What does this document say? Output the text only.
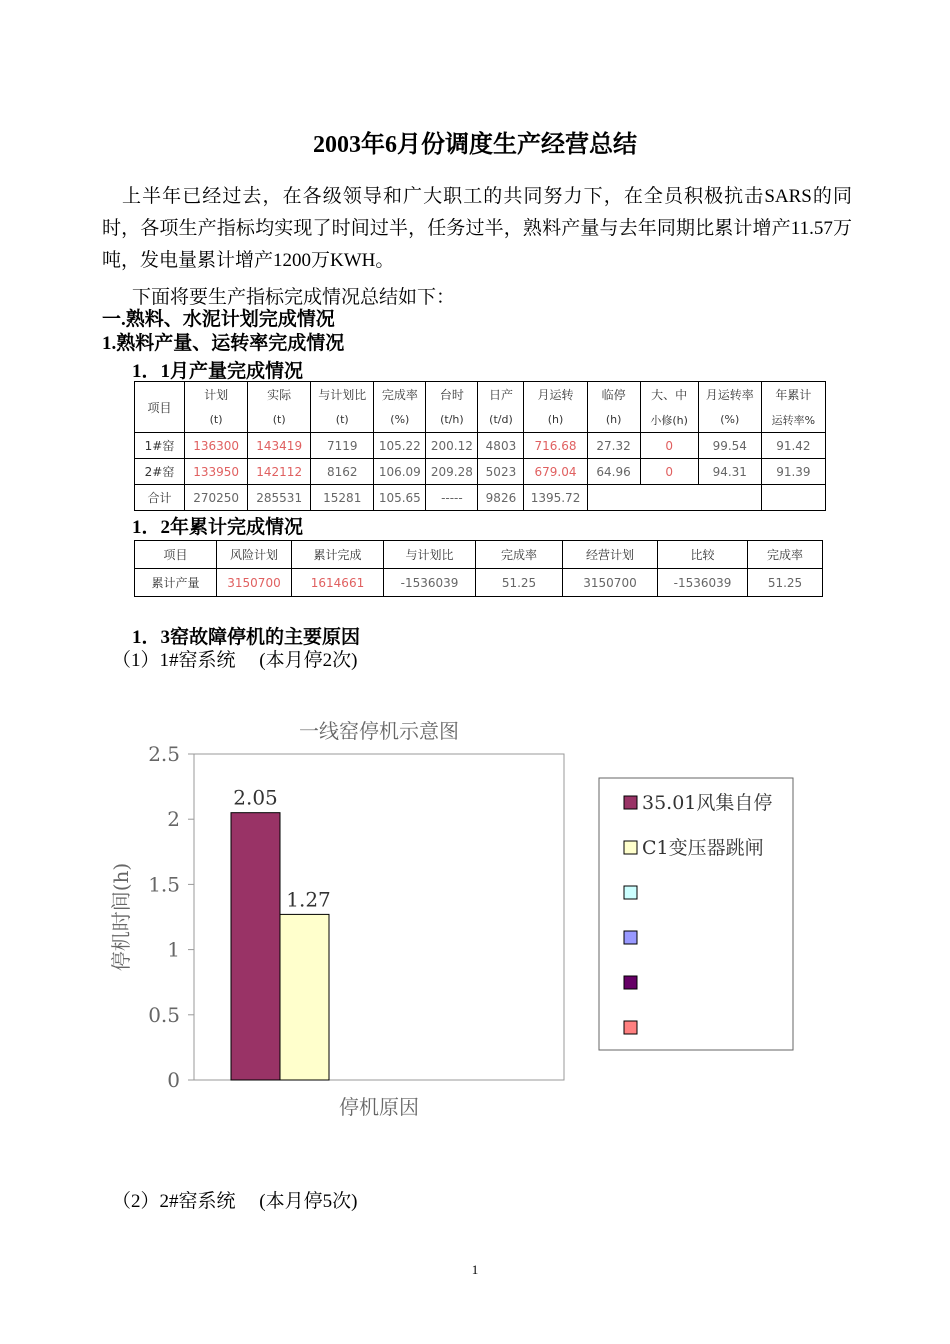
2003年6月份调度生产经营总结
上半年已经过去，在各级领导和广大职工的共同努力下，在全员积极抗击SARS的同时，各项生产指标均实现了时间过半，任务过半，熟料产量与去年同期比累计增产11.57万吨，发电量累计增产1200万KWH。
下面将要生产指标完成情况总结如下：
一.熟料、水泥计划完成情况
1.熟料产量、运转率完成情况
1．1月产量完成情况
项目	计划	实际	与计划比	完成率	台时	日产	月运转	临停	大、中	月运转率	年累计
	(t)	(t)	(t)	(%)	(t/h)	(t/d)	(h)	(h)	小修(h)	(%)	运转率%
1#窑	136300	143419	7119	105.22	200.12	4803	716.68	27.32	0	99.54	91.42
2#窑	133950	142112	8162	106.09	209.28	5023	679.04	64.96	0	94.31	91.39
合计	270250	285531	15281	105.65	-----	9826	1395.72				
1．2年累计完成情况
项目	风险计划	累计完成	与计划比	完成率	经营计划	比较	完成率
累计产量	3150700	1614661	-1536039	51.25	3150700	-1536039	51.25
1．3窑故障停机的主要原因
（1）1#窑系统　 (本月停2次)
一线窑停机示意图
0
0.5
1
1.5
2
2.5
停机时间(h)
停机原因
2.05
1.27
35.01风集自停
C1变压器跳闸
（2）2#窑系统　 (本月停5次)
1
